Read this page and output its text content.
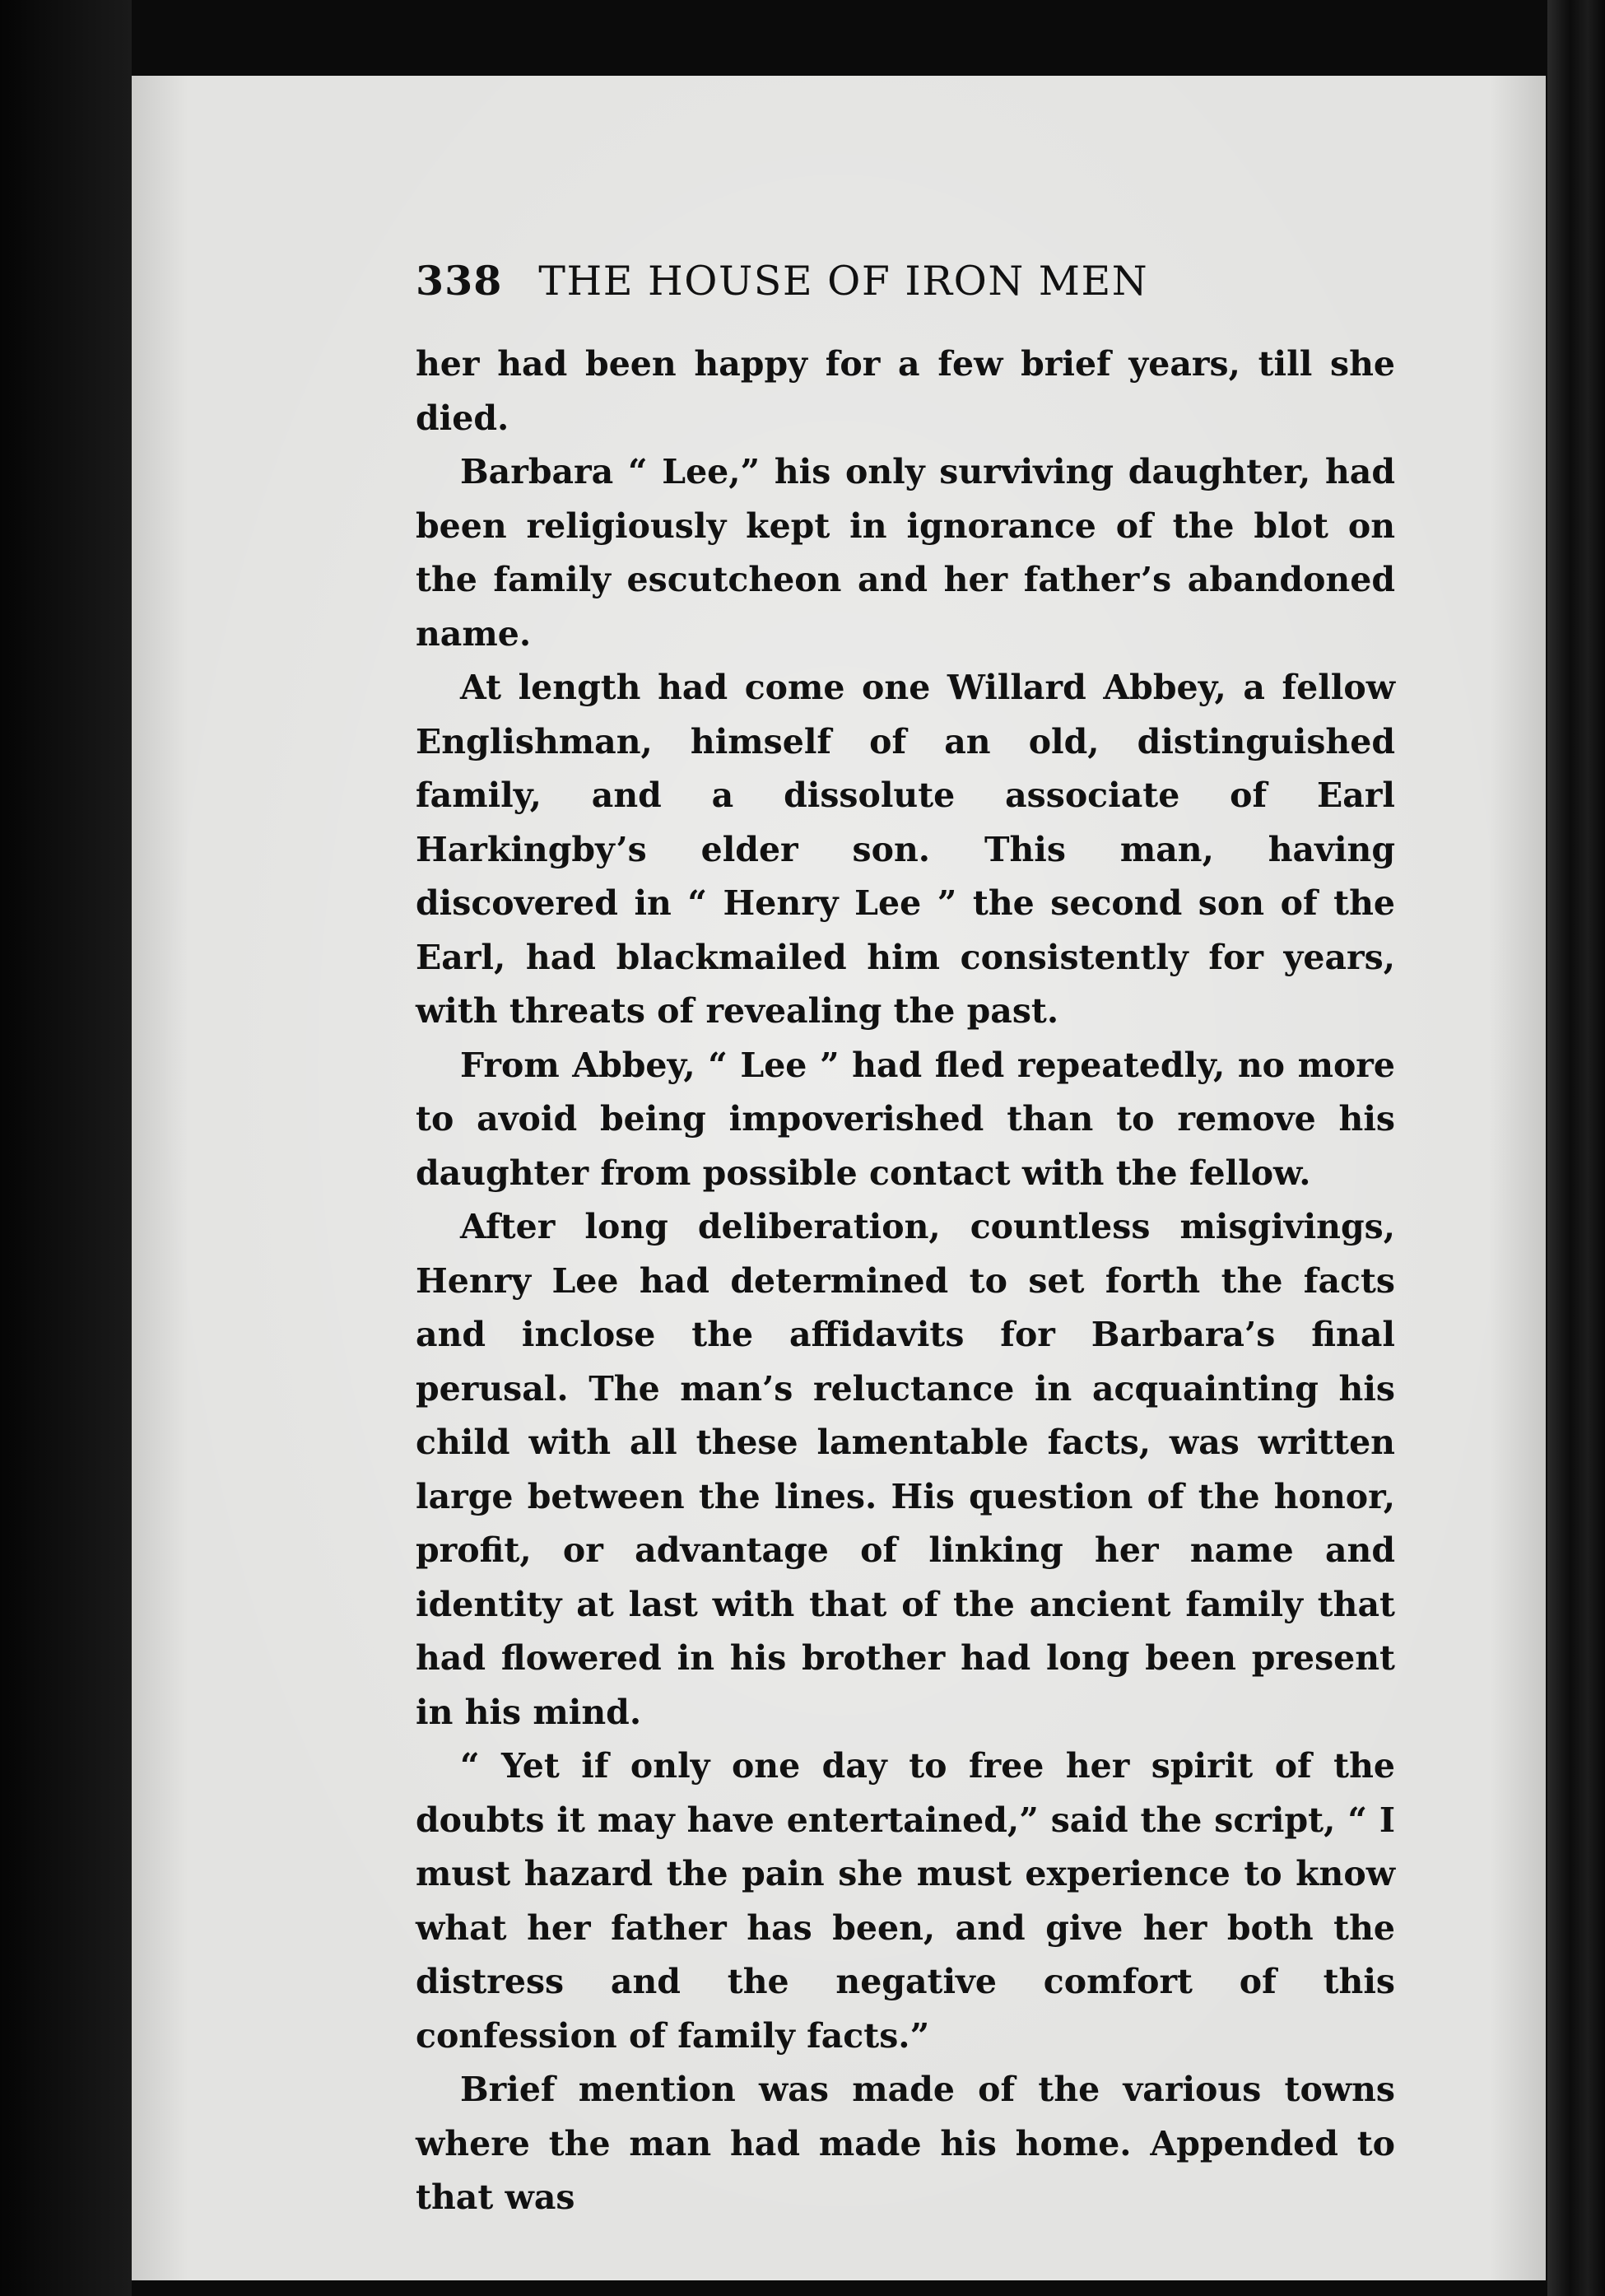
338 THE HOUSE OF IRON MEN

her had been happy for a few brief years, till she died.

Barbara “ Lee,” his only surviving daughter, had been religiously kept in ignorance of the blot on the family escutcheon and her father’s abandoned name.

At length had come one Willard Abbey, a fellow Englishman, himself of an old, distinguished family, and a dissolute associate of Earl Harkingby’s elder son. This man, having discovered in “ Henry Lee ” the second son of the Earl, had blackmailed him consistently for years, with threats of revealing the past.

From Abbey, “ Lee ” had fled repeatedly, no more to avoid being impoverished than to remove his daughter from possible contact with the fellow.

After long deliberation, countless misgivings, Henry Lee had determined to set forth the facts and inclose the affidavits for Barbara’s final perusal. The man’s reluctance in acquainting his child with all these lamentable facts, was written large between the lines. His question of the honor, profit, or advantage of linking her name and identity at last with that of the ancient family that had flowered in his brother had long been present in his mind.

“ Yet if only one day to free her spirit of the doubts it may have entertained,” said the script, “ I must hazard the pain she must experience to know what her father has been, and give her both the distress and the negative comfort of this confession of family facts.”

Brief mention was made of the various towns where the man had made his home. Appended to that was
